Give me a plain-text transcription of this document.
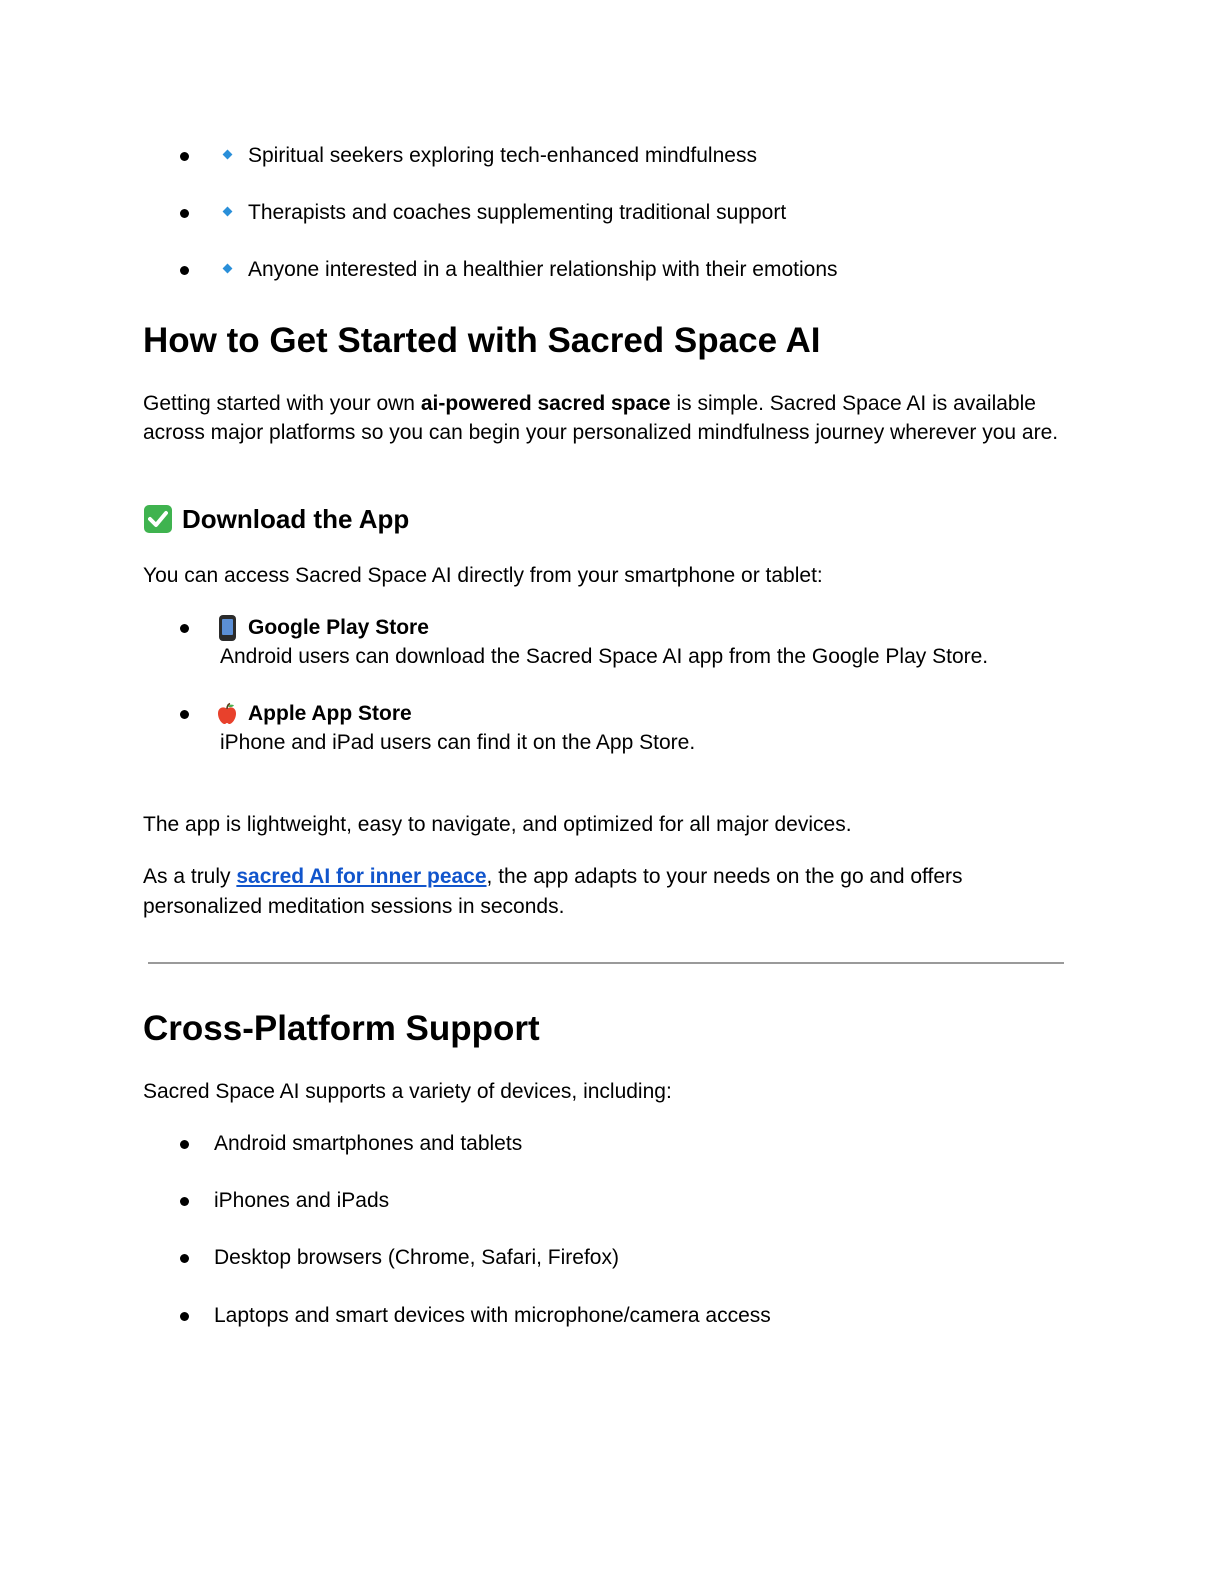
Spiritual seekers exploring tech-enhanced mindfulness
Therapists and coaches supplementing traditional support
Anyone interested in a healthier relationship with their emotions
How to Get Started with Sacred Space AI

Getting started with your own ai-powered sacred space is simple. Sacred Space AI is available across major platforms so you can begin your personalized mindfulness journey wherever you are.

Download the App

You can access Sacred Space AI directly from your smartphone or tablet:

Google Play Store
Android users can download the Sacred Space AI app from the Google Play Store.
Apple App Store
iPhone and iPad users can find it on the App Store.

The app is lightweight, easy to navigate, and optimized for all major devices.

As a truly sacred AI for inner peace, the app adapts to your needs on the go and offers personalized meditation sessions in seconds.

Cross-Platform Support

Sacred Space AI supports a variety of devices, including:

Android smartphones and tablets
iPhones and iPads
Desktop browsers (Chrome, Safari, Firefox)
Laptops and smart devices with microphone/camera access
